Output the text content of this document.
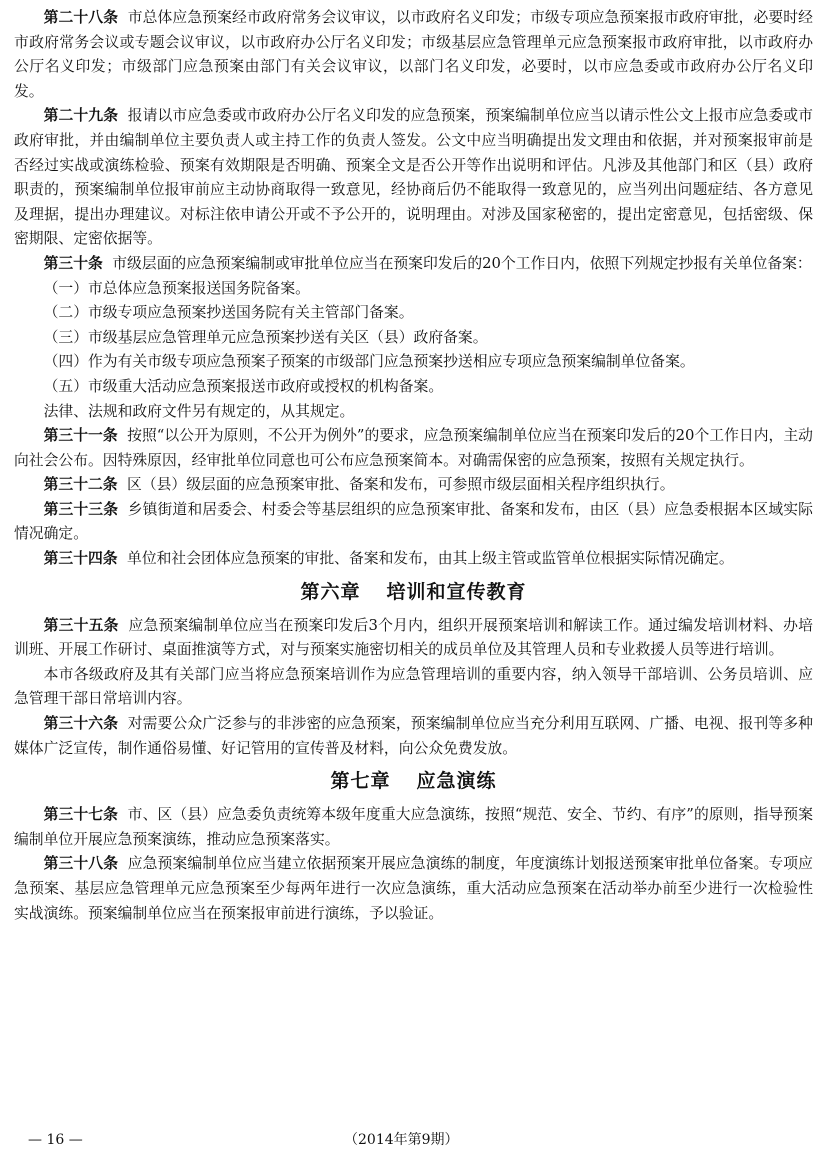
第二十八条 市总体应急预案经市政府常务会议审议，以市政府名义印发；市级专项应急预案报市政府审批，必要时经市政府常务会议或专题会议审议，以市政府办公厅名义印发；市级基层应急管理单元应急预案报市政府审批，以市政府办公厅名义印发；市级部门应急预案由部门有关会议审议，以部门名义印发，必要时，以市应急委或市政府办公厅名义印发。

第二十九条 报请以市应急委或市政府办公厅名义印发的应急预案，预案编制单位应当以请示性公文上报市应急委或市政府审批，并由编制单位主要负责人或主持工作的负责人签发。公文中应当明确提出发文理由和依据，并对预案报审前是否经过实战或演练检验、预案有效期限是否明确、预案全文是否公开等作出说明和评估。凡涉及其他部门和区（县）政府职责的，预案编制单位报审前应主动协商取得一致意见，经协商后仍不能取得一致意见的，应当列出问题症结、各方意见及理据，提出办理建议。对标注依申请公开或不予公开的，说明理由。对涉及国家秘密的，提出定密意见，包括密级、保密期限、定密依据等。

第三十条 市级层面的应急预案编制或审批单位应当在预案印发后的20个工作日内，依照下列规定抄报有关单位备案：

（一）市总体应急预案报送国务院备案。

（二）市级专项应急预案抄送国务院有关主管部门备案。

（三）市级基层应急管理单元应急预案抄送有关区（县）政府备案。

（四）作为有关市级专项应急预案子预案的市级部门应急预案抄送相应专项应急预案编制单位备案。

（五）市级重大活动应急预案报送市政府或授权的机构备案。

法律、法规和政府文件另有规定的，从其规定。

第三十一条 按照“以公开为原则，不公开为例外”的要求，应急预案编制单位应当在预案印发后的20个工作日内，主动向社会公布。因特殊原因，经审批单位同意也可公布应急预案简本。对确需保密的应急预案，按照有关规定执行。

第三十二条 区（县）级层面的应急预案审批、备案和发布，可参照市级层面相关程序组织执行。

第三十三条 乡镇街道和居委会、村委会等基层组织的应急预案审批、备案和发布，由区（县）应急委根据本区域实际情况确定。

第三十四条 单位和社会团体应急预案的审批、备案和发布，由其上级主管或监管单位根据实际情况确定。

第六章 培训和宣传教育

第三十五条 应急预案编制单位应当在预案印发后3个月内，组织开展预案培训和解读工作。通过编发培训材料、办培训班、开展工作研讨、桌面推演等方式，对与预案实施密切相关的成员单位及其管理人员和专业救援人员等进行培训。

本市各级政府及其有关部门应当将应急预案培训作为应急管理培训的重要内容，纳入领导干部培训、公务员培训、应急管理干部日常培训内容。

第三十六条 对需要公众广泛参与的非涉密的应急预案，预案编制单位应当充分利用互联网、广播、电视、报刊等多种媒体广泛宣传，制作通俗易懂、好记管用的宣传普及材料，向公众免费发放。

第七章 应急演练

第三十七条 市、区（县）应急委负责统筹本级年度重大应急演练，按照“规范、安全、节约、有序”的原则，指导预案编制单位开展应急预案演练，推动应急预案落实。

第三十八条 应急预案编制单位应当建立依据预案开展应急演练的制度，年度演练计划报送预案审批单位备案。专项应急预案、基层应急管理单元应急预案至少每两年进行一次应急演练，重大活动应急预案在活动举办前至少进行一次检验性实战演练。预案编制单位应当在预案报审前进行演练，予以验证。

— 16 —	（2014年第9期）
